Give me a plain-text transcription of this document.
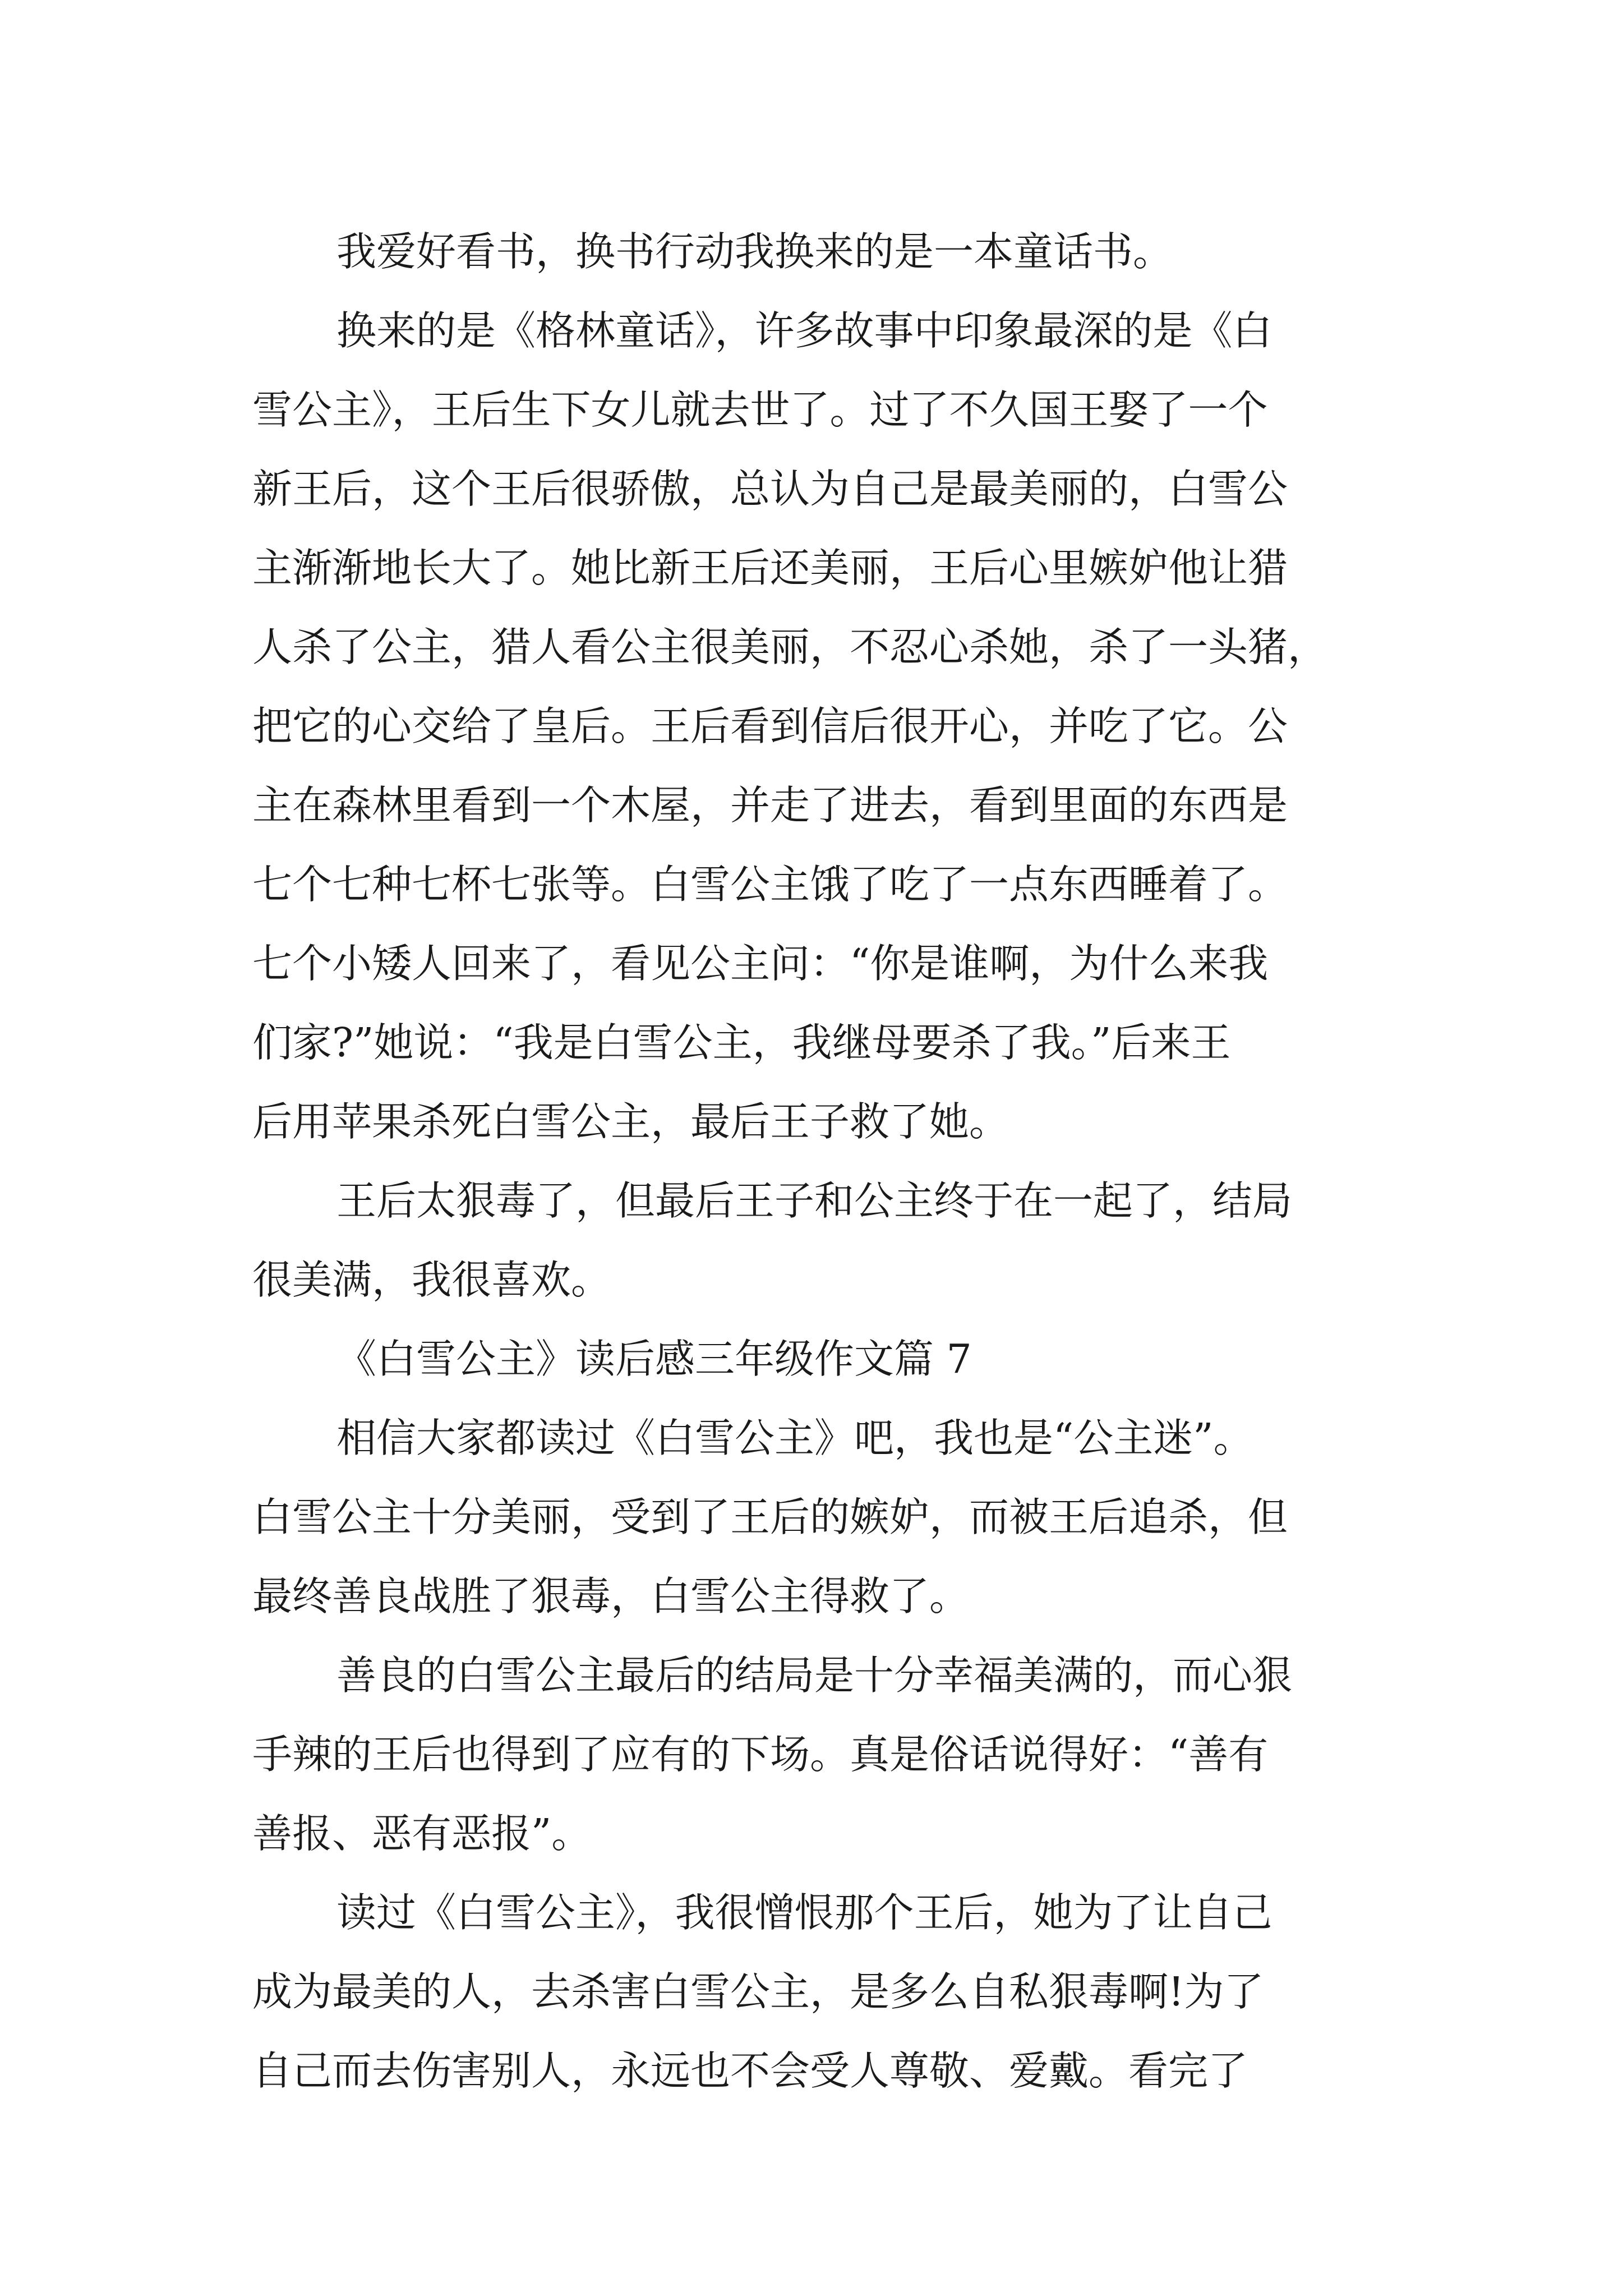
我爱好看书，换书行动我换来的是一本童话书。
换来的是《格林童话》，许多故事中印象最深的是《白
雪公主》，王后生下女儿就去世了。过了不久国王娶了一个
新王后，这个王后很骄傲，总认为自己是最美丽的，白雪公
主渐渐地长大了。她比新王后还美丽，王后心里嫉妒他让猎
人杀了公主，猎人看公主很美丽，不忍心杀她，杀了一头猪，
把它的心交给了皇后。王后看到信后很开心，并吃了它。公
主在森林里看到一个木屋，并走了进去，看到里面的东西是
七个七种七杯七张等。白雪公主饿了吃了一点东西睡着了。
七个小矮人回来了，看见公主问：“你是谁啊，为什么来我
们家?”她说：“我是白雪公主，我继母要杀了我。”后来王
后用苹果杀死白雪公主，最后王子救了她。
王后太狠毒了，但最后王子和公主终于在一起了，结局
很美满，我很喜欢。
《白雪公主》读后感三年级作文篇 7
相信大家都读过《白雪公主》吧，我也是“公主迷”。
白雪公主十分美丽，受到了王后的嫉妒，而被王后追杀，但
最终善良战胜了狠毒，白雪公主得救了。
善良的白雪公主最后的结局是十分幸福美满的，而心狠
手辣的王后也得到了应有的下场。真是俗话说得好：“善有
善报、恶有恶报”。
读过《白雪公主》，我很憎恨那个王后，她为了让自己
成为最美的人，去杀害白雪公主，是多么自私狠毒啊!为了
自己而去伤害别人，永远也不会受人尊敬、爱戴。看完了
